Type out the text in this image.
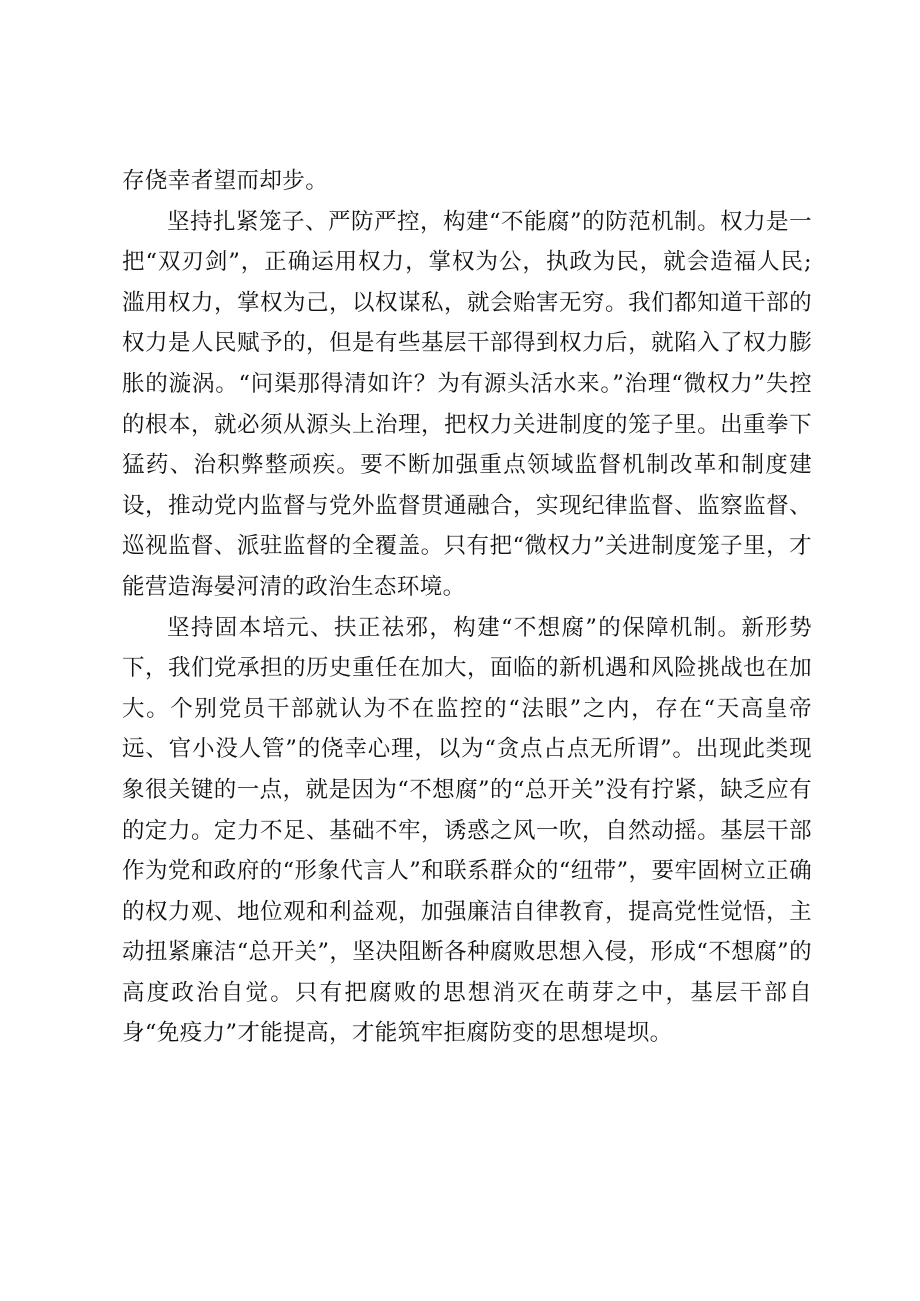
存侥幸者望而却步。

坚持扎紧笼子、严防严控，构建“不能腐”的防范机制。权力是一把“双刃剑”，正确运用权力，掌权为公，执政为民，就会造福人民;滥用权力，掌权为己，以权谋私，就会贻害无穷。我们都知道干部的权力是人民赋予的，但是有些基层干部得到权力后，就陷入了权力膨胀的漩涡。“问渠那得清如许？为有源头活水来。”治理“微权力”失控的根本，就必须从源头上治理，把权力关进制度的笼子里。出重拳下猛药、治积弊整顽疾。要不断加强重点领域监督机制改革和制度建设，推动党内监督与党外监督贯通融合，实现纪律监督、监察监督、巡视监督、派驻监督的全覆盖。只有把“微权力”关进制度笼子里，才能营造海晏河清的政治生态环境。

坚持固本培元、扶正祛邪，构建“不想腐”的保障机制。新形势下，我们党承担的历史重任在加大，面临的新机遇和风险挑战也在加大。个别党员干部就认为不在监控的“法眼”之内，存在“天高皇帝远、官小没人管”的侥幸心理，以为“贪点占点无所谓”。出现此类现象很关键的一点，就是因为“不想腐”的“总开关”没有拧紧，缺乏应有的定力。定力不足、基础不牢，诱惑之风一吹，自然动摇。基层干部作为党和政府的“形象代言人”和联系群众的“纽带”，要牢固树立正确的权力观、地位观和利益观，加强廉洁自律教育，提高党性觉悟，主动扭紧廉洁“总开关”，坚决阻断各种腐败思想入侵，形成“不想腐”的高度政治自觉。只有把腐败的思想消灭在萌芽之中，基层干部自身“免疫力”才能提高，才能筑牢拒腐防变的思想堤坝。
